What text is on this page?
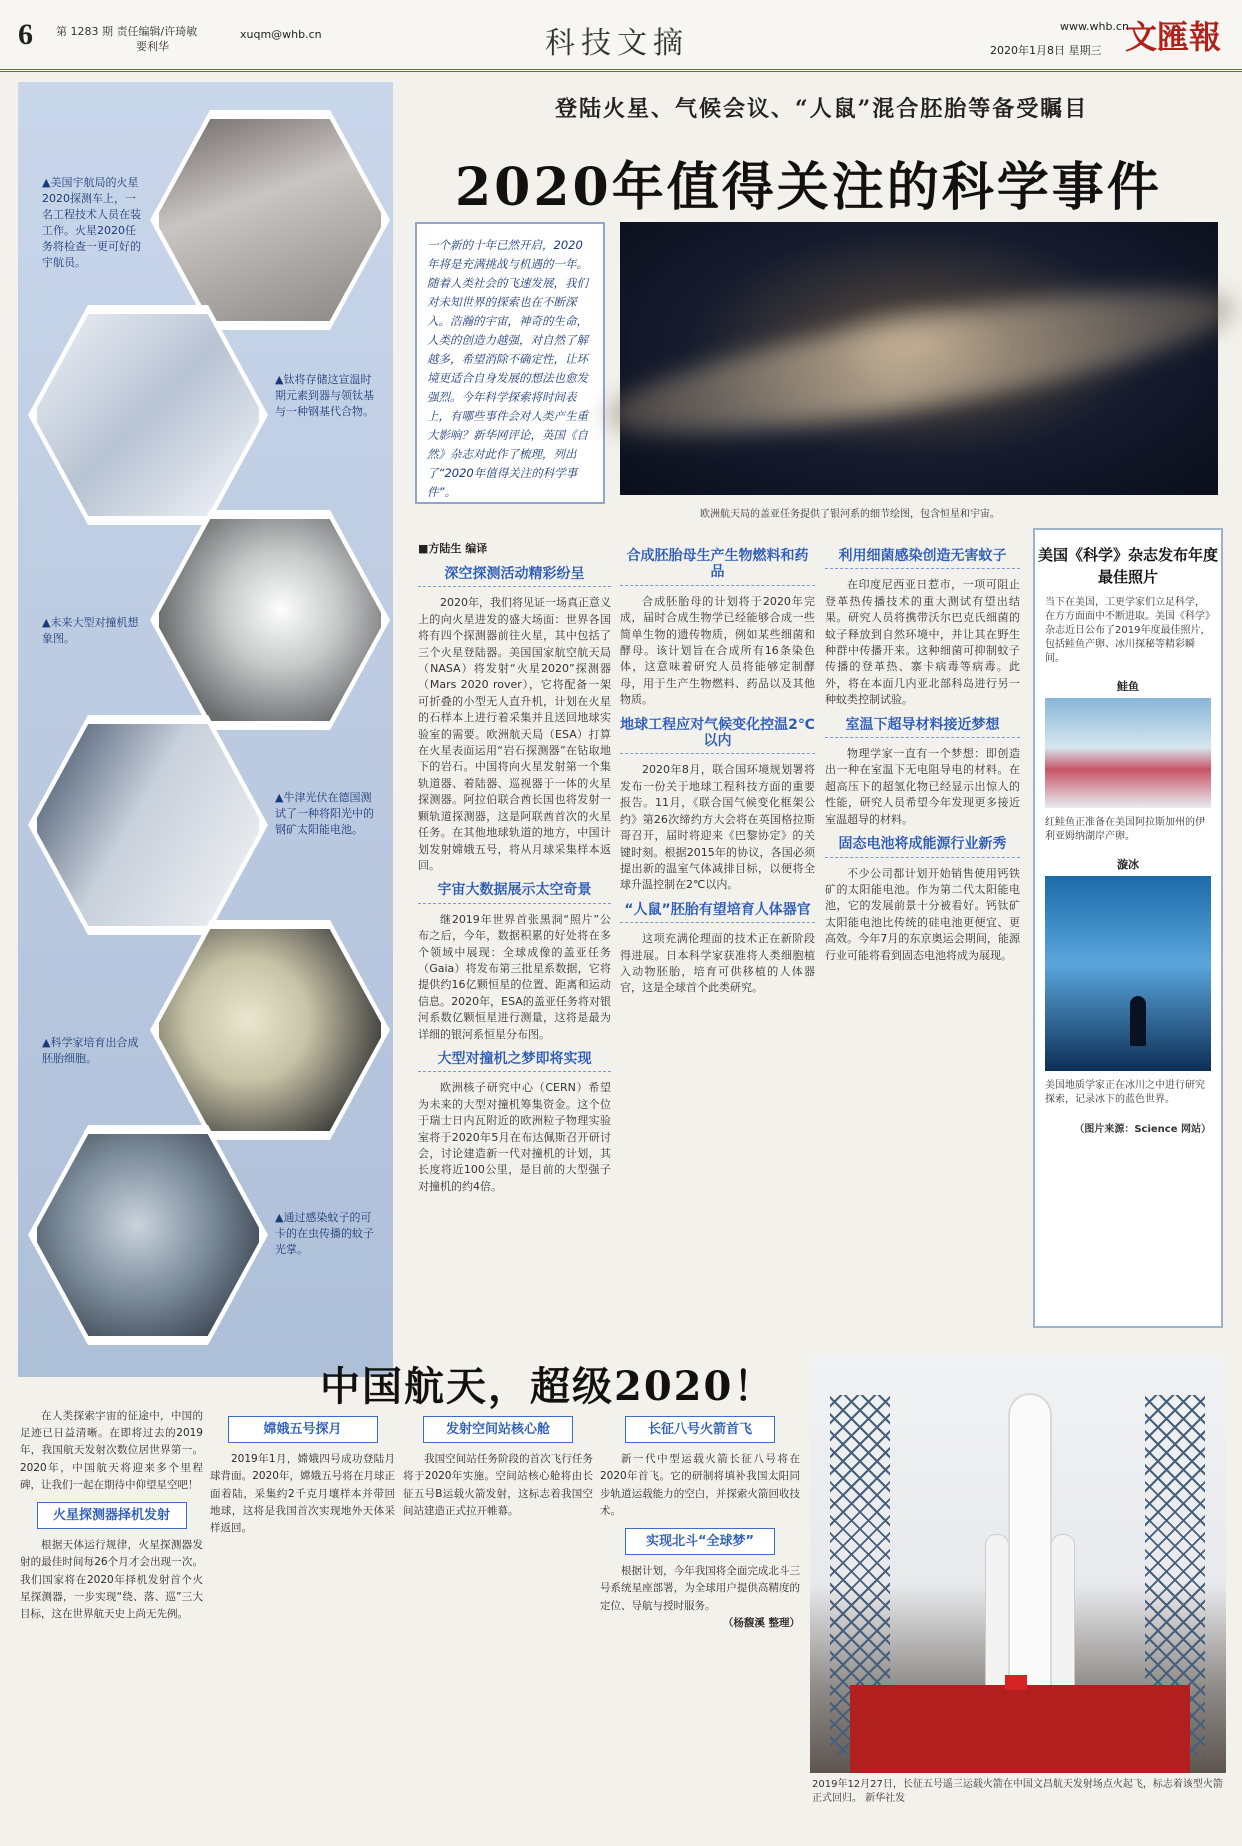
6 第 1283 期 责任编辑/许琦敏
要利华
xuqm@whb.cn	科技文摘	www.whb.cn
2020年1月8日 星期三 文匯報
▲美国宇航局的火星2020探测车上，一名工程技术人员在装工作。火星2020任务将检查一更可好的宇航员。
▲钛将存储这宣温时期元素到器与领钛基与一种钢基代合物。
▲未来大型对撞机想象图。
▲牛津光伏在德国测试了一种将阳光中的钢矿太阳能电池。
▲科学家培育出合成胚胎细胞。
▲通过感染蚊子的可卡的在虫传播的蚊子光掌。
登陆火星、气候会议、“人鼠”混合胚胎等备受瞩目
2020年值得关注的科学事件
一个新的十年已然开启，2020年将是充满挑战与机遇的一年。随着人类社会的飞速发展，我们对未知世界的探索也在不断深入。浩瀚的宇宙，神奇的生命，人类的创造力越强，对自然了解越多，希望消除不确定性，让环境更适合自身发展的想法也愈发强烈。今年科学探索将时间表上，有哪些事件会对人类产生重大影响？新华网评论，英国《自然》杂志对此作了梳理，列出了“2020年值得关注的科学事件”。
欧洲航天局的盖亚任务提供了银河系的细节绘图，包含恒星和宇宙。
■方陆生 编译
深空探测活动精彩纷呈

2020年，我们将见证一场真正意义上的向火星进发的盛大场面：世界各国将有四个探测器前往火星，其中包括了三个火星登陆器。美国国家航空航天局（NASA）将发射“火星2020”探测器（Mars 2020 rover），它将配备一架可折叠的小型无人直升机，计划在火星的石样本上进行着采集并且送回地球实验室的需要。欧洲航天局（ESA）打算在火星表面运用“岩石探测器”在钻取地下的岩石。中国将向火星发射第一个集轨道器、着陆器、巡视器于一体的火星探测器。阿拉伯联合酋长国也将发射一颗轨道探测器，这是阿联酋首次的火星任务。在其他地球轨道的地方，中国计划发射嫦娥五号，将从月球采集样本返回。

宇宙大数据展示太空奇景

继2019年世界首张黑洞“照片”公布之后，今年，数据积累的好处将在多个领域中展现：全球成像的盖亚任务（Gaia）将发布第三批星系数据，它将提供约16亿颗恒星的位置、距离和运动信息。2020年，ESA的盖亚任务将对银河系数亿颗恒星进行测量，这将是最为详细的银河系恒星分布图。

大型对撞机之梦即将实现

欧洲核子研究中心（CERN）希望为未来的大型对撞机筹集资金。这个位于瑞士日内瓦附近的欧洲粒子物理实验室将于2020年5月在布达佩斯召开研讨会，讨论建造新一代对撞机的计划，其长度将近100公里，是目前的大型强子对撞机的约4倍。

合成胚胎母生产生物燃料和药品

合成胚胎母的计划将于2020年完成，届时合成生物学已经能够合成一些简单生物的遗传物质，例如某些细菌和酵母。该计划旨在合成所有16条染色体，这意味着研究人员将能够定制酵母，用于生产生物燃料、药品以及其他物质。

地球工程应对气候变化控温2℃以内

2020年8月，联合国环境规划署将发布一份关于地球工程科技方面的重要报告。11月，《联合国气候变化框架公约》第26次缔约方大会将在英国格拉斯哥召开，届时将迎来《巴黎协定》的关键时刻。根据2015年的协议，各国必须提出新的温室气体减排目标，以便将全球升温控制在2℃以内。

“人鼠”胚胎有望培育人体器官

这项充满伦理面的技术正在新阶段得进展。日本科学家获准将人类细胞植入动物胚胎，培育可供移植的人体器官，这是全球首个此类研究。

利用细菌感染创造无害蚊子

在印度尼西亚日惹市，一项可阻止登革热传播技术的重大测试有望出结果。研究人员将携带沃尔巴克氏细菌的蚊子释放到自然环境中，并让其在野生种群中传播开来。这种细菌可抑制蚊子传播的登革热、寨卡病毒等病毒。此外，将在本面几内亚北部科岛进行另一种蚊类控制试验。

室温下超导材料接近梦想

物理学家一直有一个梦想：即创造出一种在室温下无电阻导电的材料。在超高压下的超氢化物已经显示出惊人的性能，研究人员希望今年发现更多接近室温超导的材料。

固态电池将成能源行业新秀

不少公司都计划开始销售使用钙铁矿的太阳能电池。作为第二代太阳能电池，它的发展前景十分被看好。钙钛矿太阳能电池比传统的硅电池更便宜、更高效。今年7月的东京奥运会期间，能源行业可能将看到固态电池将成为展现。

美国《科学》杂志发布年度最佳照片
当下在美国，工更学家们立足科学，在方方面面中不断进取。美国《科学》杂志近日公布了2019年度最佳照片，包括鲑鱼产卵、冰川探秘等精彩瞬间。
鲑鱼
红鲑鱼正准备在美国阿拉斯加州的伊利亚姆纳湖岸产卵。
漩冰
美国地质学家正在冰川之中进行研究探索，记录冰下的蓝色世界。
（图片来源：Science 网站）
中国航天，超级2020！

在人类探索宇宙的征途中，中国的足迹已日益清晰。在即将过去的2019年，我国航天发射次数位居世界第一。2020年，中国航天将迎来多个里程碑，让我们一起在期待中仰望星空吧！

火星探测器择机发射

根据天体运行规律，火星探测器发射的最佳时间每26个月才会出现一次。我们国家将在2020年择机发射首个火星探测器，一步实现“绕、落、巡”三大目标，这在世界航天史上尚无先例。

嫦娥五号探月

2019年1月，嫦娥四号成功登陆月球背面。2020年，嫦娥五号将在月球正面着陆，采集约2千克月壤样本并带回地球，这将是我国首次实现地外天体采样返回。

发射空间站核心舱

我国空间站任务阶段的首次飞行任务将于2020年实施。空间站核心舱将由长征五号B运载火箭发射，这标志着我国空间站建造正式拉开帷幕。

长征八号火箭首飞

新一代中型运载火箭长征八号将在2020年首飞。它的研制将填补我国太阳同步轨道运载能力的空白，并探索火箭回收技术。

实现北斗“全球梦”

根据计划，今年我国将全面完成北斗三号系统星座部署，为全球用户提供高精度的定位、导航与授时服务。

（杨馥溪 整理）

2019年12月27日，长征五号遥三运载火箭在中国文昌航天发射场点火起飞，标志着该型火箭正式回归。 新华社发
